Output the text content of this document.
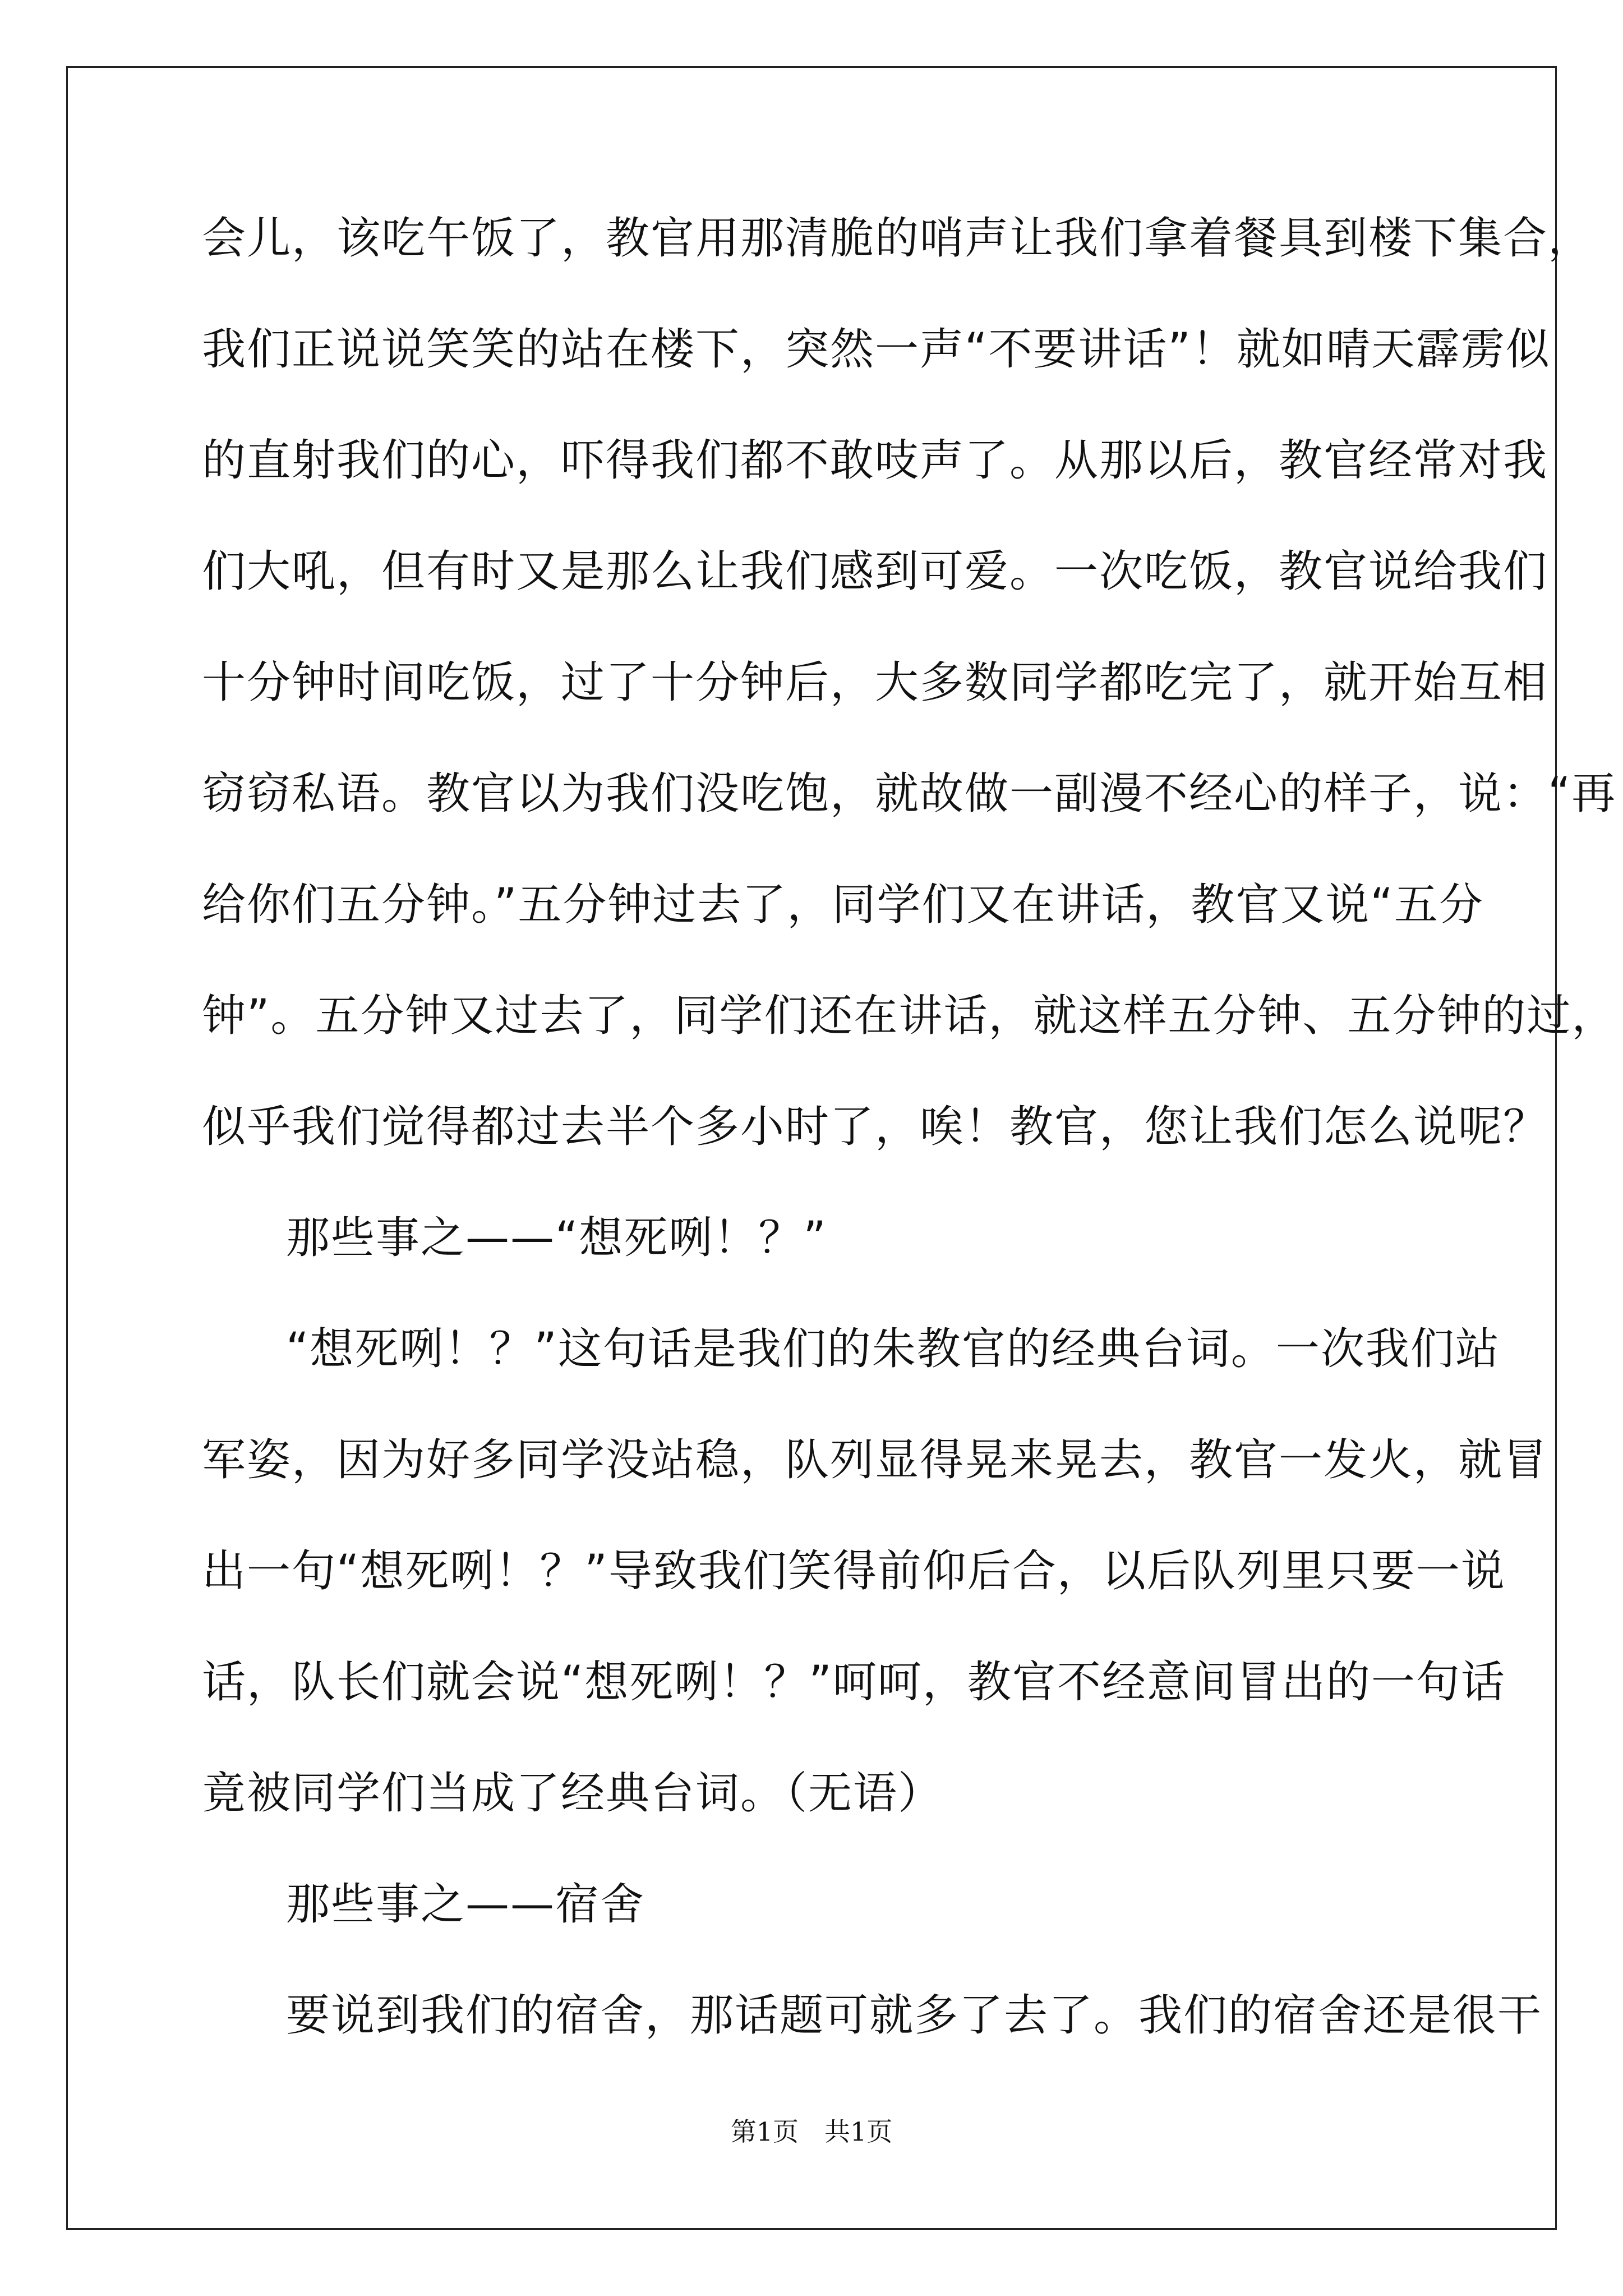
会儿，该吃午饭了，教官用那清脆的哨声让我们拿着餐具到楼下集合，
我们正说说笑笑的站在楼下，突然一声“不要讲话”！就如晴天霹雳似
的直射我们的心，吓得我们都不敢吱声了。从那以后，教官经常对我
们大吼，但有时又是那么让我们感到可爱。一次吃饭，教官说给我们
十分钟时间吃饭，过了十分钟后，大多数同学都吃完了，就开始互相
窃窃私语。教官以为我们没吃饱，就故做一副漫不经心的样子，说：“再
给你们五分钟。”五分钟过去了，同学们又在讲话，教官又说“五分
钟”。五分钟又过去了，同学们还在讲话，就这样五分钟、五分钟的过，
似乎我们觉得都过去半个多小时了，唉！教官，您让我们怎么说呢？
那些事之——“想死咧！？”
“想死咧！？”这句话是我们的朱教官的经典台词。一次我们站
军姿，因为好多同学没站稳，队列显得晃来晃去，教官一发火，就冒
出一句“想死咧！？”导致我们笑得前仰后合，以后队列里只要一说
话，队长们就会说“想死咧！？”呵呵，教官不经意间冒出的一句话
竟被同学们当成了经典台词。（无语）
那些事之——宿舍
要说到我们的宿舍，那话题可就多了去了。我们的宿舍还是很干
第1页　共1页
